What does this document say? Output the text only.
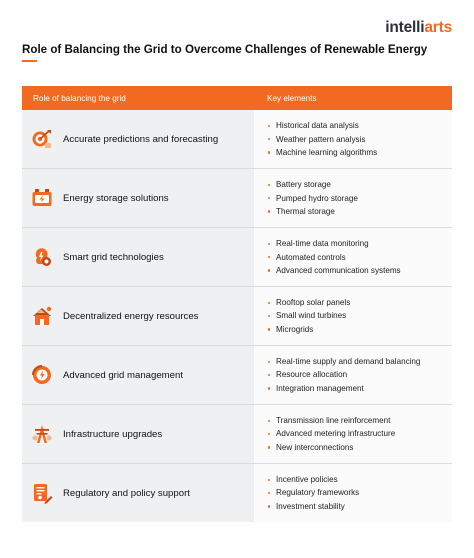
intelliarts
Role of Balancing the Grid to Overcome Challenges of Renewable Energy
Role of balancing the grid	Key elements
Accurate predictions and forecasting
Historical data analysis
Weather pattern analysis
Machine learning algorithms
Energy storage solutions
Battery storage
Pumped hydro storage
Thermal storage
Smart grid technologies
Real-time data monitoring
Automated controls
Advanced communication systems
Decentralized energy resources
Rooftop solar panels
Small wind turbines
Microgrids
Advanced grid management
Real-time supply and demand balancing
Resource allocation
Integration management
Infrastructure upgrades
Transmission line reinforcement
Advanced metering infrastructure
New interconnections
Regulatory and policy support
Incentive policies
Regulatory frameworks
Investment stability
